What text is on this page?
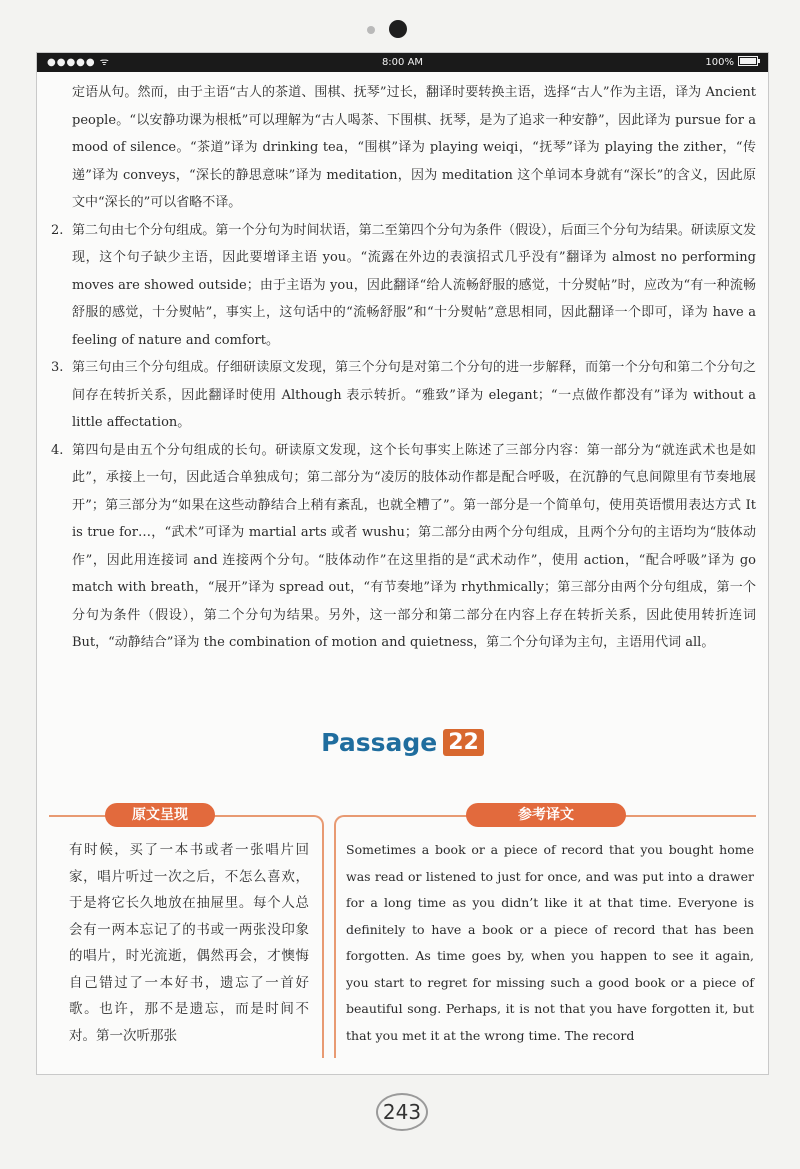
●●●●● ᯤ	8:00 AM	100%

定语从句。然而，由于主语“古人的茶道、围棋、抚琴”过长，翻译时要转换主语，选择“古人”作为主语，译为 Ancient people。“以安静功课为根柢”可以理解为“古人喝茶、下围棋、抚琴，是为了追求一种安静”，因此译为 pursue for a mood of silence。“茶道”译为 drinking tea，“围棋”译为 playing weiqi，“抚琴”译为 playing the zither，“传递”译为 conveys，“深长的静思意味”译为 meditation，因为 meditation 这个单词本身就有“深长”的含义，因此原文中“深长的”可以省略不译。

2. 第二句由七个分句组成。第一个分句为时间状语，第二至第四个分句为条件（假设），后面三个分句为结果。研读原文发现，这个句子缺少主语，因此要增译主语 you。“流露在外边的表演招式几乎没有”翻译为 almost no performing moves are showed outside；由于主语为 you，因此翻译“给人流畅舒服的感觉，十分熨帖”时，应改为“有一种流畅舒服的感觉，十分熨帖”，事实上，这句话中的“流畅舒服”和“十分熨帖”意思相同，因此翻译一个即可，译为 have a feeling of nature and comfort。

3. 第三句由三个分句组成。仔细研读原文发现，第三个分句是对第二个分句的进一步解释，而第一个分句和第二个分句之间存在转折关系，因此翻译时使用 Although 表示转折。“雅致”译为 elegant；“一点做作都没有”译为 without a little affectation。

4. 第四句是由五个分句组成的长句。研读原文发现，这个长句事实上陈述了三部分内容：第一部分为“就连武术也是如此”，承接上一句，因此适合单独成句；第二部分为“凌厉的肢体动作都是配合呼吸，在沉静的气息间隙里有节奏地展开”；第三部分为“如果在这些动静结合上稍有紊乱，也就全糟了”。第一部分是一个简单句，使用英语惯用表达方式 It is true for…，“武术”可译为 martial arts 或者 wushu；第二部分由两个分句组成，且两个分句的主语均为“肢体动作”，因此用连接词 and 连接两个分句。“肢体动作”在这里指的是“武术动作”，使用 action，“配合呼吸”译为 go match with breath，“展开”译为 spread out，“有节奏地”译为 rhythmically；第三部分由两个分句组成，第一个分句为条件（假设），第二个分句为结果。另外，这一部分和第二部分在内容上存在转折关系，因此使用转折连词 But，“动静结合”译为 the combination of motion and quietness，第二个分句译为主句，主语用代词 all。

Passage 22
原文呈现

有时候，买了一本书或者一张唱片回家，唱片听过一次之后，不怎么喜欢，于是将它长久地放在抽屉里。每个人总会有一两本忘记了的书或一两张没印象的唱片，时光流逝，偶然再会，才懊悔自己错过了一本好书，遗忘了一首好歌。也许，那不是遗忘，而是时间不对。第一次听那张

参考译文

Sometimes a book or a piece of record that you bought home was read or listened to just for once, and was put into a drawer for a long time as you didn’t like it at that time. Everyone is definitely to have a book or a piece of record that has been forgotten. As time goes by, when you happen to see it again, you start to regret for missing such a good book or a piece of beautiful song. Perhaps, it is not that you have forgotten it, but that you met it at the wrong time. The record

243
